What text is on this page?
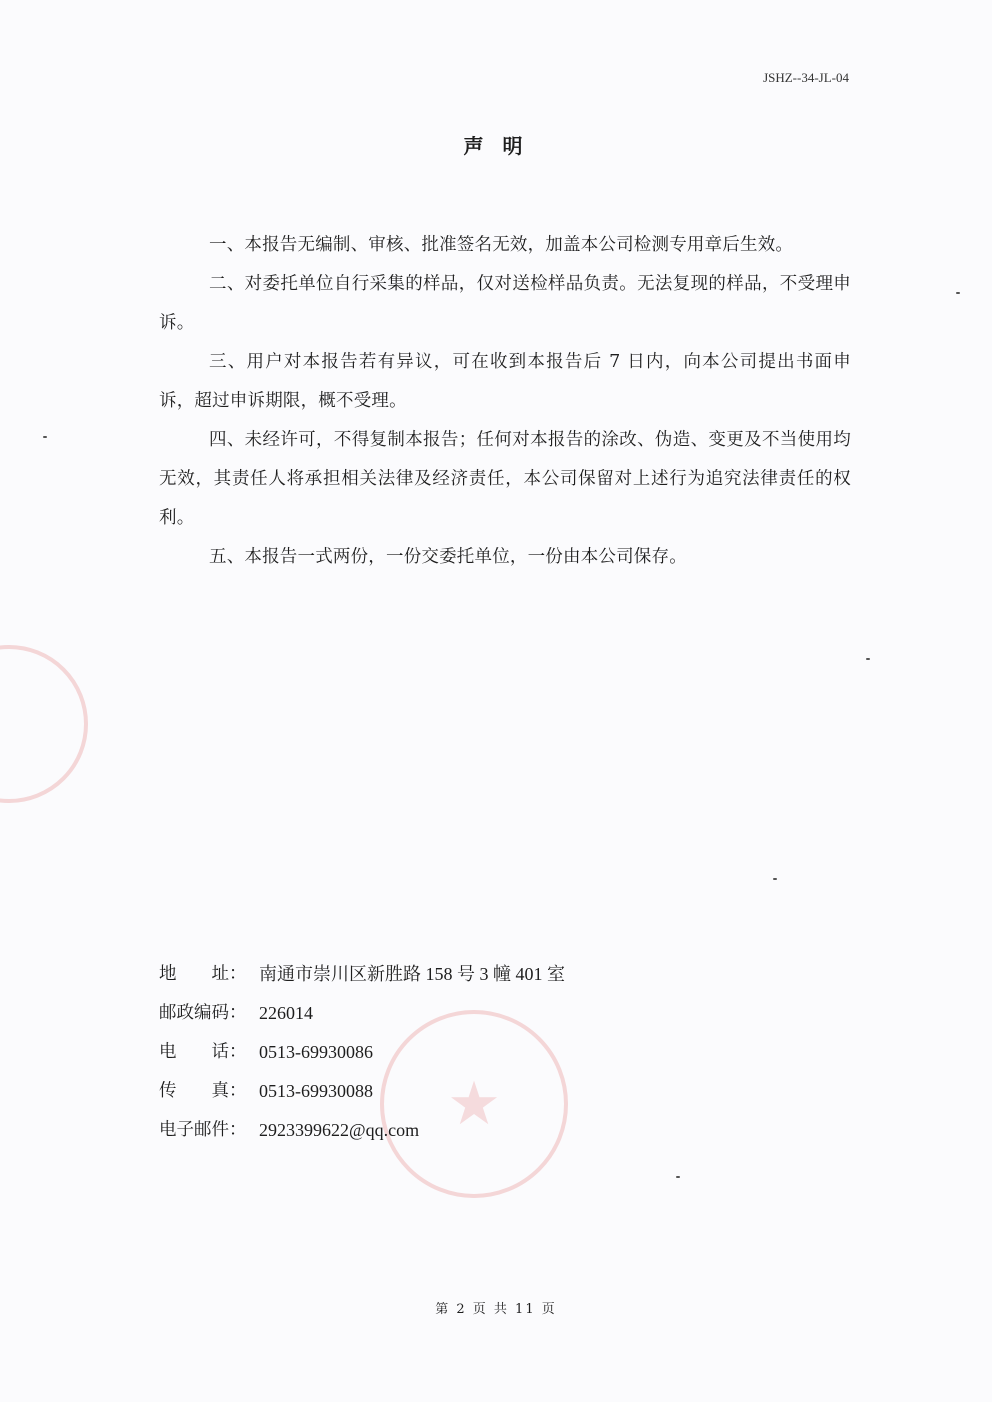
★
JSHZ--34-JL-04
声 明

一、本报告无编制、审核、批准签名无效，加盖本公司检测专用章后生效。

二、对委托单位自行采集的样品，仅对送检样品负责。无法复现的样品，不受理申诉。

三、用户对本报告若有异议，可在收到本报告后 7 日内，向本公司提出书面申诉，超过申诉期限，概不受理。

四、未经许可，不得复制本报告；任何对本报告的涂改、伪造、变更及不当使用均无效，其责任人将承担相关法律及经济责任，本公司保留对上述行为追究法律责任的权利。

五、本报告一式两份，一份交委托单位，一份由本公司保存。

地　　址： 南通市崇川区新胜路 158 号 3 幢 401 室
邮政编码： 226014
电　　话： 0513-69930086
传　　真： 0513-69930088
电子邮件： 2923399622@qq.com
第 2 页 共 11 页
